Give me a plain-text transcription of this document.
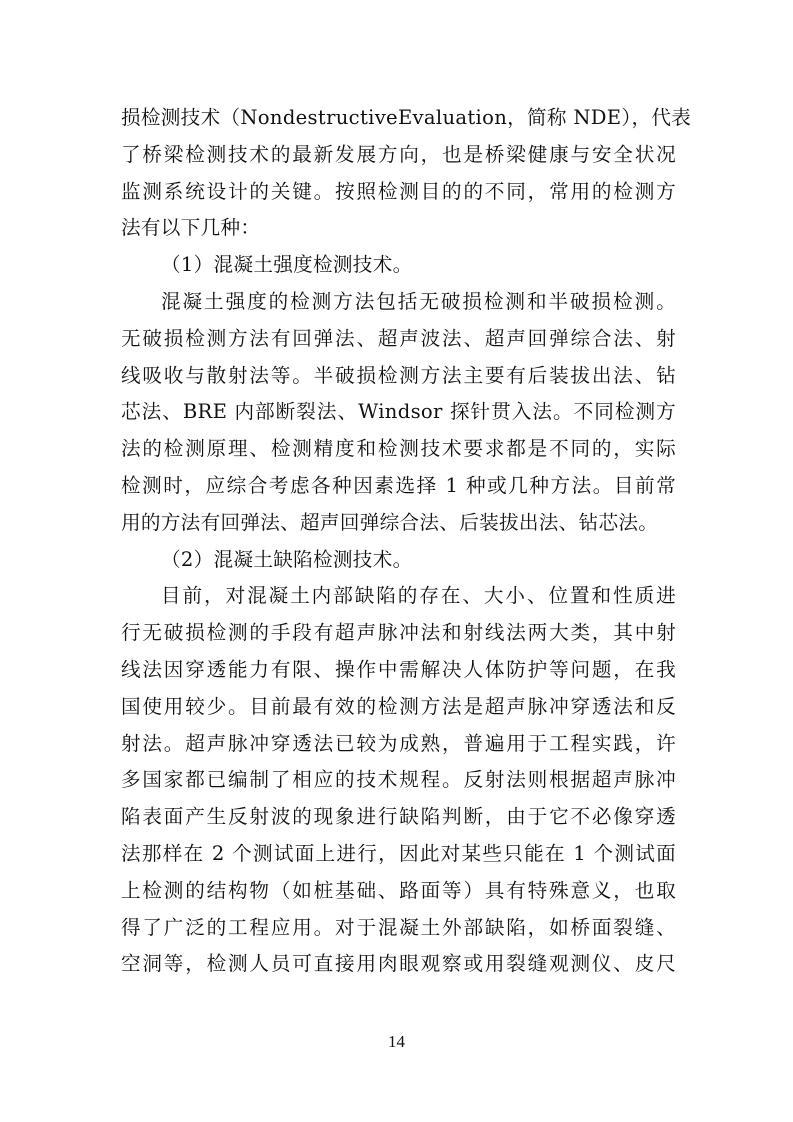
损检测技术（NondestructiveEvaluation，简称 NDE），代表
了桥梁检测技术的最新发展方向，也是桥梁健康与安全状况
监测系统设计的关键。按照检测目的的不同，常用的检测方
法有以下几种：
（1）混凝土强度检测技术。
混凝土强度的检测方法包括无破损检测和半破损检测。
无破损检测方法有回弹法、超声波法、超声回弹综合法、射
线吸收与散射法等。半破损检测方法主要有后装拔出法、钻
芯法、BRE 内部断裂法、Windsor 探针贯入法。不同检测方
法的检测原理、检测精度和检测技术要求都是不同的，实际
检测时，应综合考虑各种因素选择 1 种或几种方法。目前常
用的方法有回弹法、超声回弹综合法、后装拔出法、钻芯法。
（2）混凝土缺陷检测技术。
目前，对混凝土内部缺陷的存在、大小、位置和性质进
行无破损检测的手段有超声脉冲法和射线法两大类，其中射
线法因穿透能力有限、操作中需解决人体防护等问题，在我
国使用较少。目前最有效的检测方法是超声脉冲穿透法和反
射法。超声脉冲穿透法已较为成熟，普遍用于工程实践，许
多国家都已编制了相应的技术规程。反射法则根据超声脉冲
陷表面产生反射波的现象进行缺陷判断，由于它不必像穿透
法那样在 2 个测试面上进行，因此对某些只能在 1 个测试面
上检测的结构物（如桩基础、路面等）具有特殊意义，也取
得了广泛的工程应用。对于混凝土外部缺陷，如桥面裂缝、
空洞等，检测人员可直接用肉眼观察或用裂缝观测仪、皮尺
14
